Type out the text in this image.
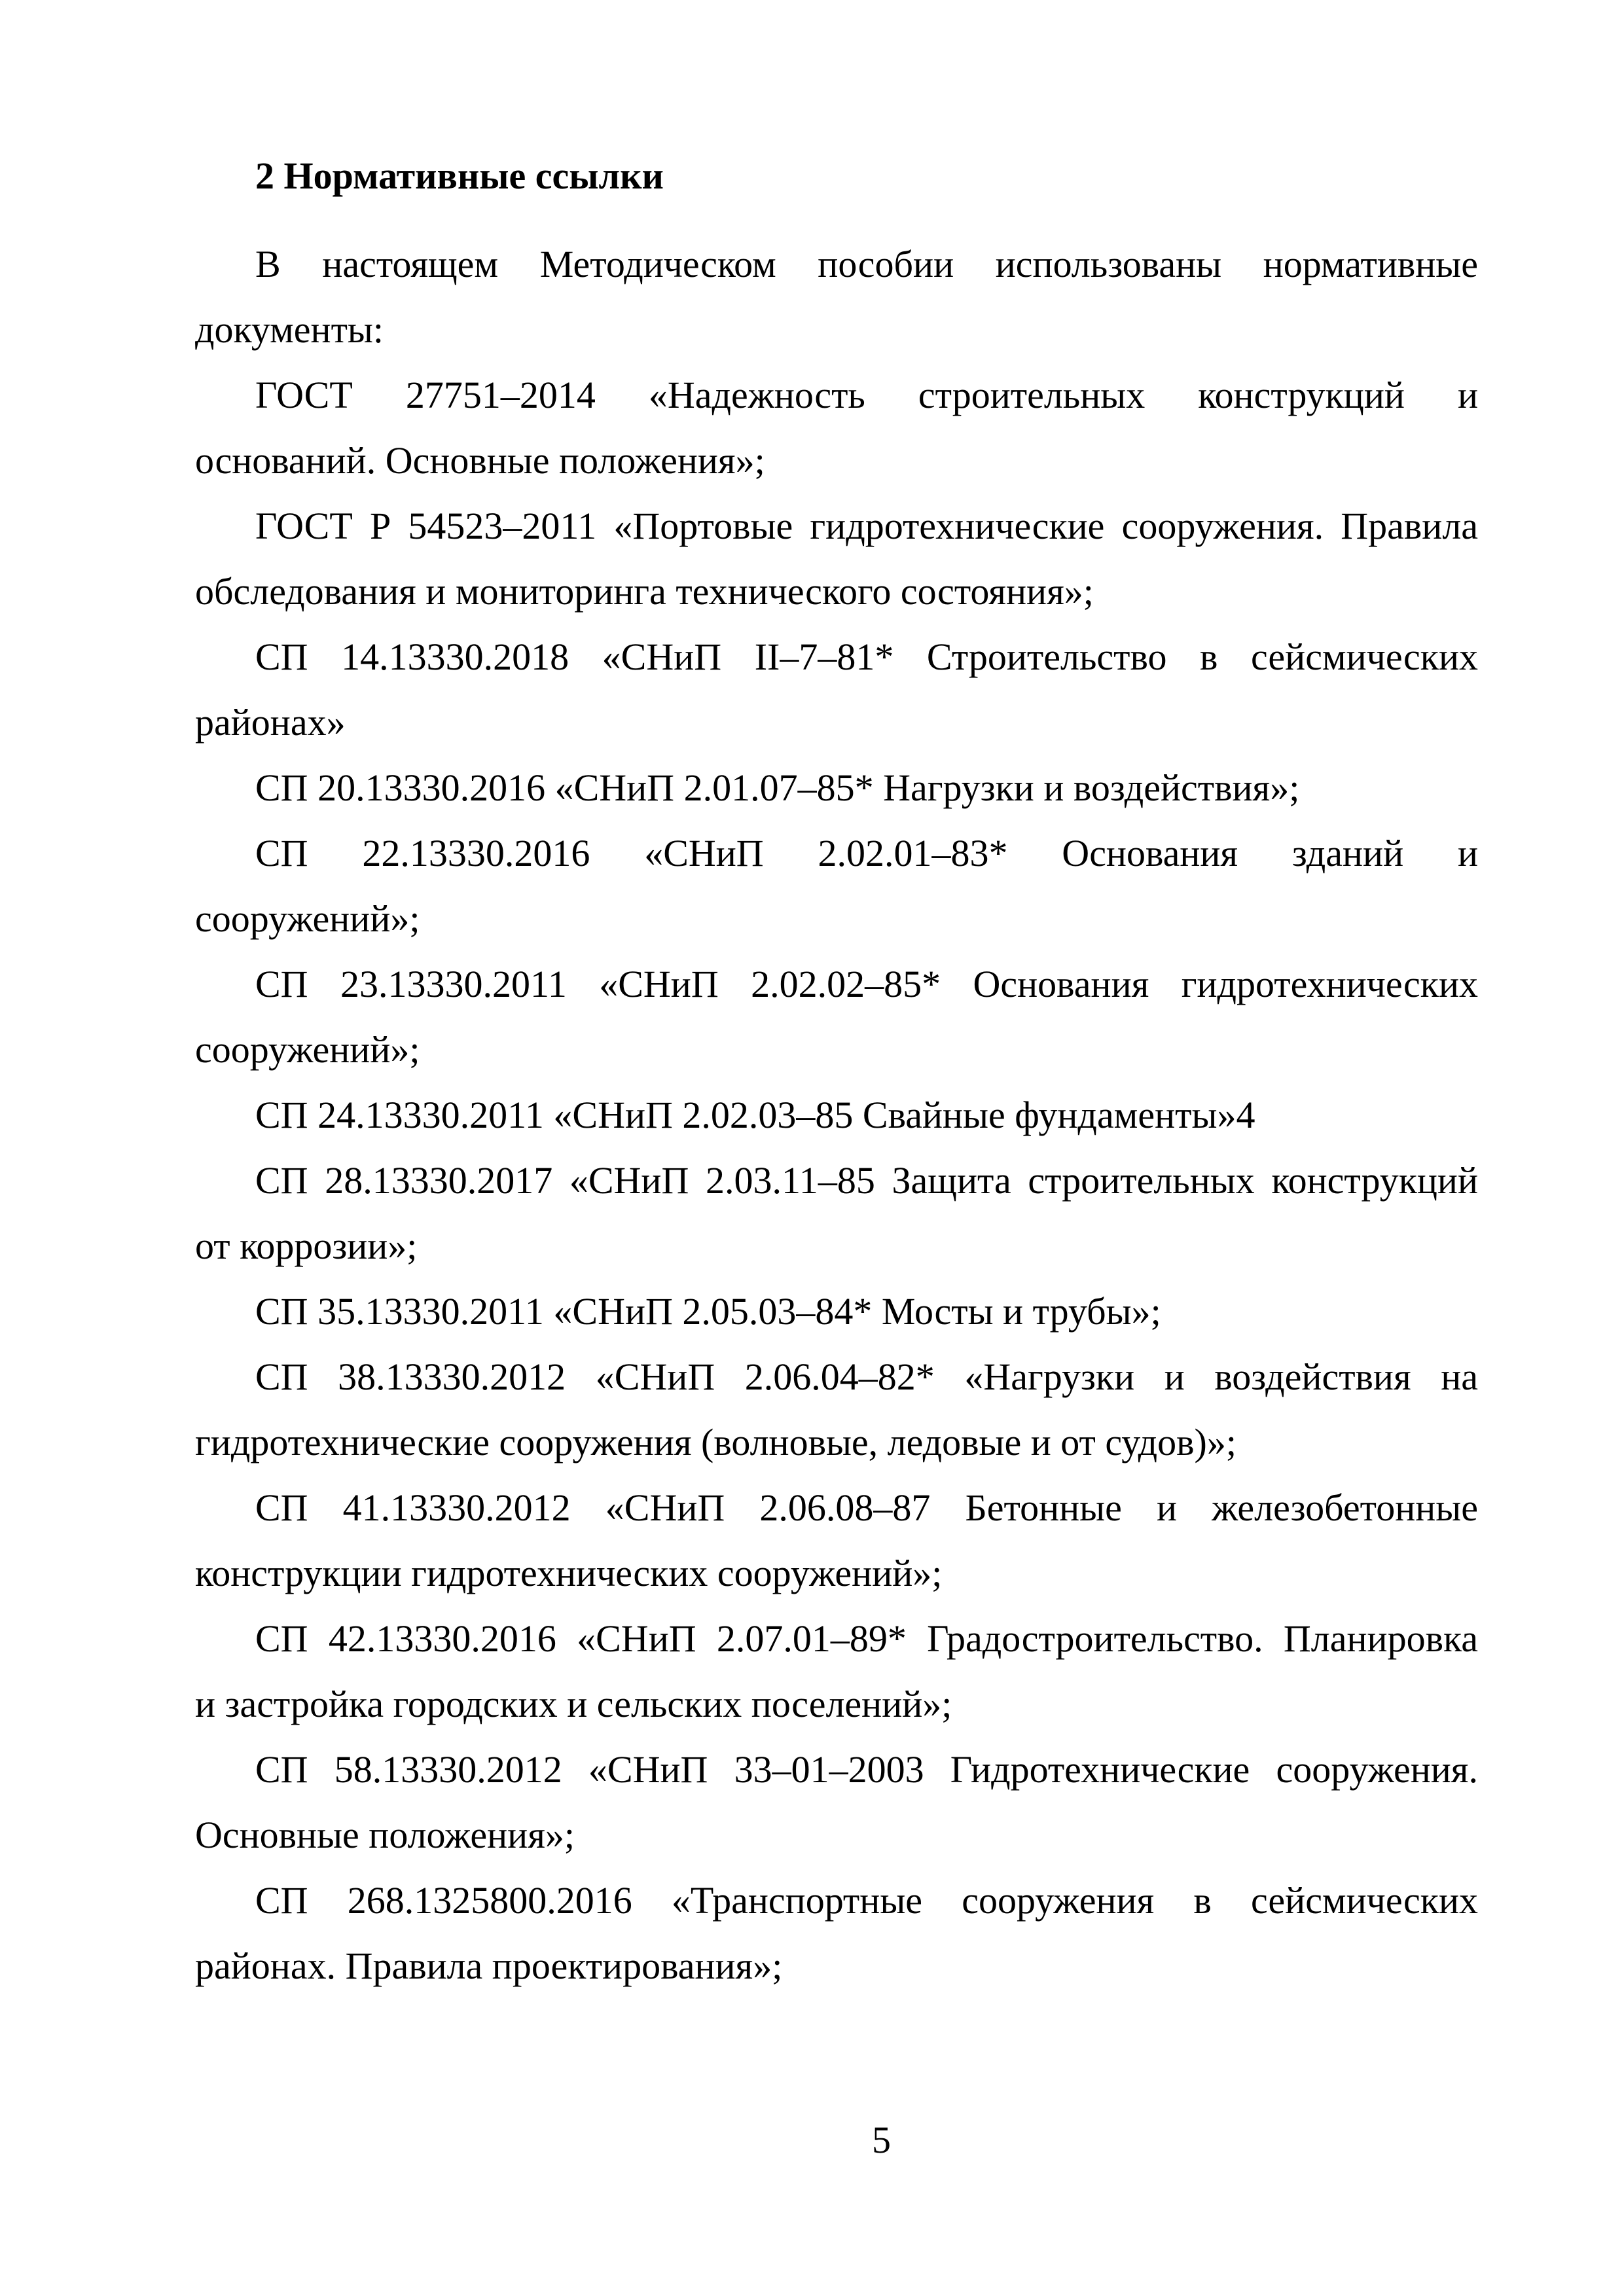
2 Нормативные ссылки
В настоящем Методическом пособии использованы нормативные
документы:
ГОСТ 27751–2014 «Надежность строительных конструкций и
оснований. Основные положения»;
ГОСТ Р 54523–2011 «Портовые гидротехнические сооружения. Правила
обследования и мониторинга технического состояния»;
СП 14.13330.2018 «СНиП II–7–81* Строительство в сейсмических
районах»
СП 20.13330.2016 «СНиП 2.01.07–85* Нагрузки и воздействия»;
СП 22.13330.2016 «СНиП 2.02.01–83* Основания зданий и
сооружений»;
СП 23.13330.2011 «СНиП 2.02.02–85* Основания гидротехнических
сооружений»;
СП 24.13330.2011 «СНиП 2.02.03–85 Свайные фундаменты»4
СП 28.13330.2017 «СНиП 2.03.11–85 Защита строительных конструкций
от коррозии»;
СП 35.13330.2011 «СНиП 2.05.03–84* Мосты и трубы»;
СП 38.13330.2012 «СНиП 2.06.04–82* «Нагрузки и воздействия на
гидротехнические сооружения (волновые, ледовые и от судов)»;
СП 41.13330.2012 «СНиП 2.06.08–87 Бетонные и железобетонные
конструкции гидротехнических сооружений»;
СП 42.13330.2016 «СНиП 2.07.01–89* Градостроительство. Планировка
и застройка городских и сельских поселений»;
СП 58.13330.2012 «СНиП 33–01–2003 Гидротехнические сооружения.
Основные положения»;
СП 268.1325800.2016 «Транспортные сооружения в сейсмических
районах. Правила проектирования»;
5
